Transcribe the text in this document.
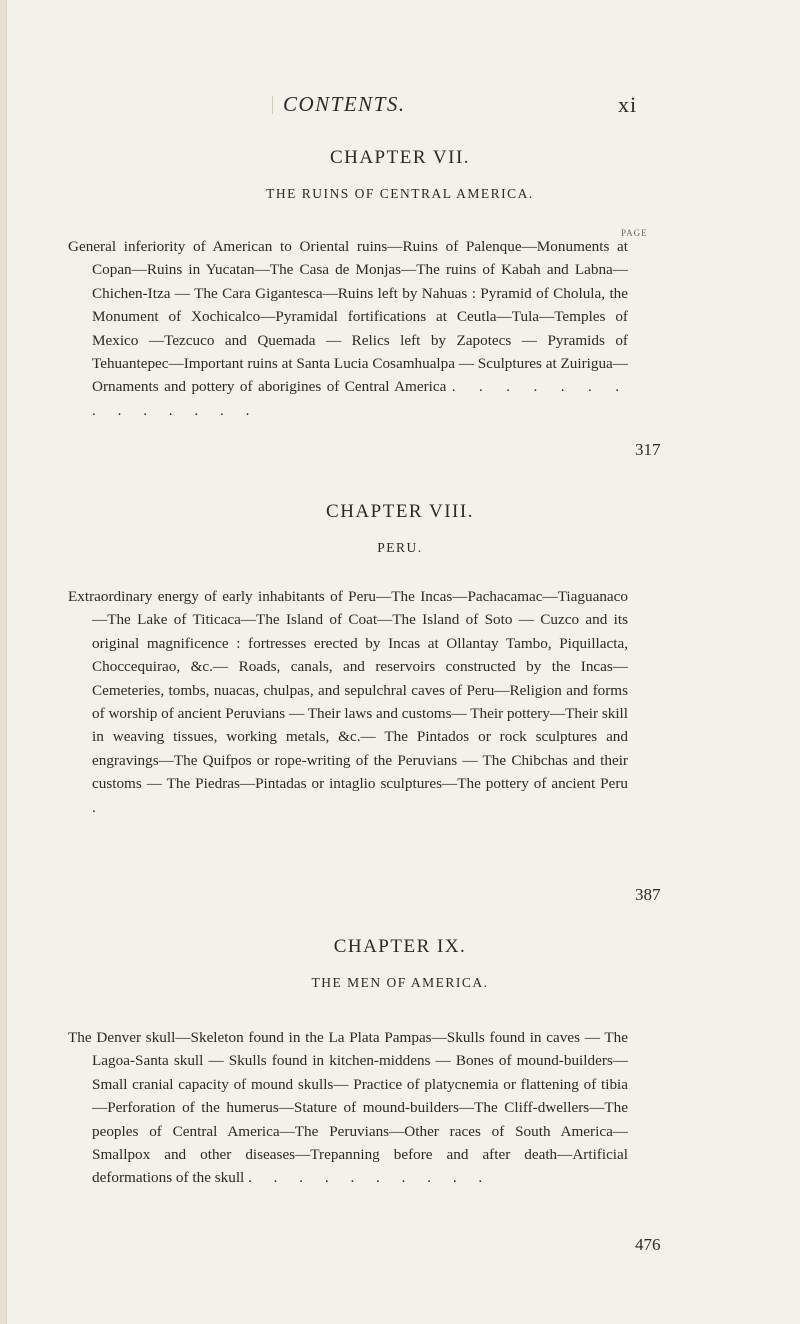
CONTENTS.	xi

CHAPTER VII.

THE RUINS OF CENTRAL AMERICA.

PAGE
General inferiority of American to Oriental ruins—Ruins of Palenque—Monuments at Copan—Ruins in Yucatan—The Casa de Monjas—The ruins of Kabah and Labna—Chichen-Itza — The Cara Gigantesca—Ruins left by Nahuas : Pyramid of Cholula, the Monument of Xochicalco—Pyramidal fortifications at Ceutla—Tula—Temples of Mexico —Tezcuco and Quemada — Relics left by Zapotecs — Pyramids of Tehuantepec—Important ruins at Santa Lucia Cosamhualpa — Sculptures at Zuirigua—Ornaments and pottery of aborigines of Central America . . . . . . . . . . . . . .
317

CHAPTER VIII.

PERU.

Extraordinary energy of early inhabitants of Peru—The Incas—Pachacamac—Tiaguanaco—The Lake of Titicaca—The Island of Coat—The Island of Soto — Cuzco and its original magnificence : fortresses erected by Incas at Ollantay Tambo, Piquillacta, Choccequirao, &c.— Roads, canals, and reservoirs constructed by the Incas—Cemeteries, tombs, nuacas, chulpas, and sepulchral caves of Peru—Religion and forms of worship of ancient Peruvians — Their laws and customs— Their pottery—Their skill in weaving tissues, working metals, &c.— The Pintados or rock sculptures and engravings—The Quifpos or rope-writing of the Peruvians — The Chibchas and their customs — The Piedras—Pintadas or intaglio sculptures—The pottery of ancient Peru .
387

CHAPTER IX.

THE MEN OF AMERICA.

The Denver skull—Skeleton found in the La Plata Pampas—Skulls found in caves — The Lagoa-Santa skull — Skulls found in kitchen-middens — Bones of mound-builders—Small cranial capacity of mound skulls— Practice of platycnemia or flattening of tibia—Perforation of the humerus—Stature of mound-builders—The Cliff-dwellers—The peoples of Central America—The Peruvians—Other races of South America— Smallpox and other diseases—Trepanning before and after death—Artificial deformations of the skull . . . . . . . . . .
476
